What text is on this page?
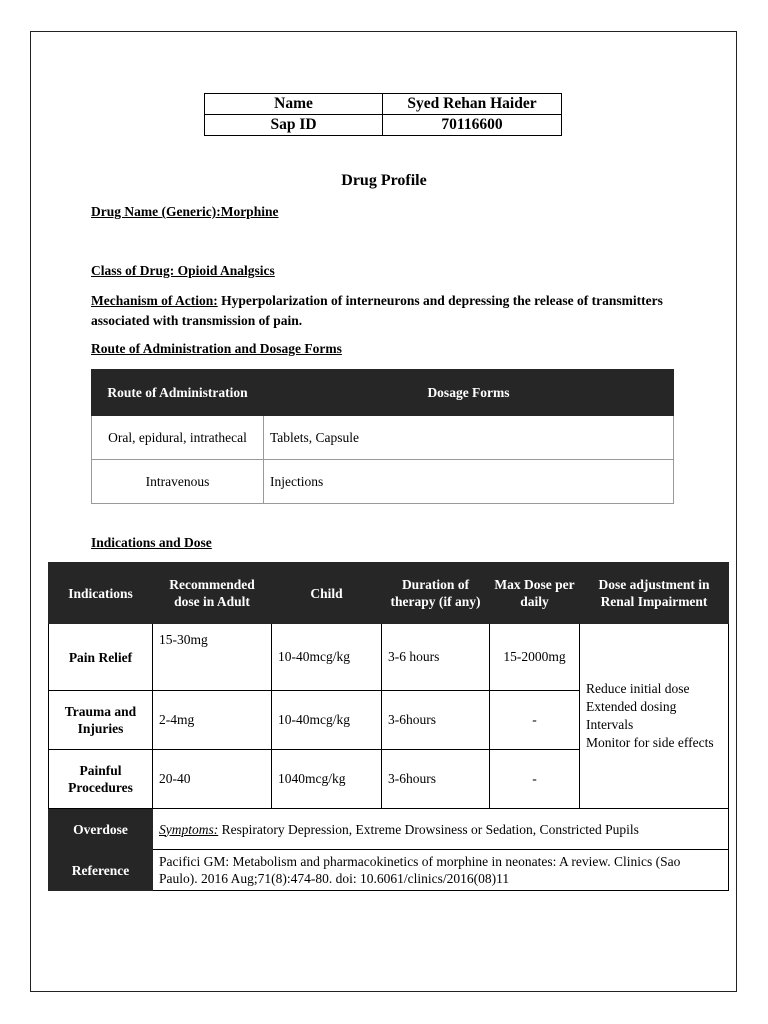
Name	Syed Rehan Haider
Sap ID	70116600
Drug Profile
Drug Name (Generic):Morphine
Class of Drug: Opioid Analgsics
Mechanism of Action: Hyperpolarization of interneurons and depressing the release of transmitters associated with transmission of pain.
Route of Administration and Dosage Forms
Route of Administration	Dosage Forms
Oral, epidural, intrathecal	Tablets, Capsule
Intravenous	Injections
Indications and Dose
Indications	Recommended dose in Adult	Child	Duration of therapy (if any)	Max Dose per daily	Dose adjustment in Renal Impairment
Pain Relief	15-30mg	10-40mcg/kg	3-6 hours	15-2000mg	Reduce initial dose
Extended dosing Intervals
Monitor for side effects

Trauma and Injuries	2-4mg	10-40mcg/kg	3-6hours	-	
Painful Procedures	20-40	1040mcg/kg	3-6hours	-	
Overdose	Symptoms: Respiratory Depression, Extreme Drowsiness or Sedation, Constricted Pupils				
Reference	Pacifici GM: Metabolism and pharmacokinetics of morphine in neonates: A review. Clinics (Sao Paulo). 2016 Aug;71(8):474-80. doi: 10.6061/clinics/2016(08)11				
